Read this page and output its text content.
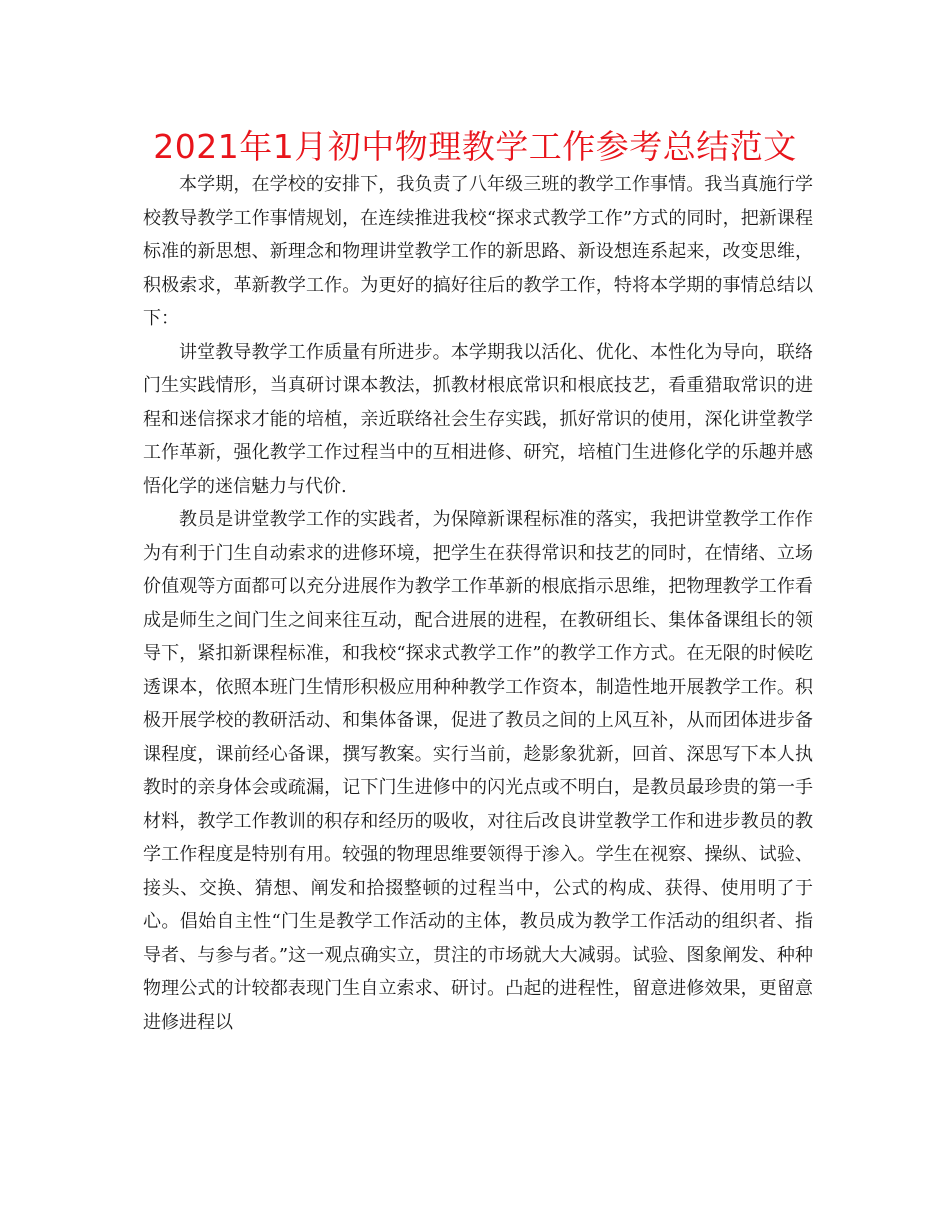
2021年1月初中物理教学工作参考总结范文

本学期，在学校的安排下，我负责了八年级三班的教学工作事情。我当真施行学校教导教学工作事情规划，在连续推进我校“探求式教学工作”方式的同时，把新课程标准的新思想、新理念和物理讲堂教学工作的新思路、新设想连系起来，改变思维，积极索求，革新教学工作。为更好的搞好往后的教学工作，特将本学期的事情总结以下：

讲堂教导教学工作质量有所进步。本学期我以活化、优化、本性化为导向，联络门生实践情形，当真研讨课本教法，抓教材根底常识和根底技艺，看重猎取常识的进程和迷信探求才能的培植，亲近联络社会生存实践，抓好常识的使用，深化讲堂教学工作革新，强化教学工作过程当中的互相进修、研究，培植门生进修化学的乐趣并感悟化学的迷信魅力与代价.

教员是讲堂教学工作的实践者，为保障新课程标准的落实，我把讲堂教学工作作为有利于门生自动索求的进修环境，把学生在获得常识和技艺的同时，在情绪、立场价值观等方面都可以充分进展作为教学工作革新的根底指示思维，把物理教学工作看成是师生之间门生之间来往互动，配合进展的进程，在教研组长、集体备课组长的领导下，紧扣新课程标准，和我校“探求式教学工作”的教学工作方式。在无限的时候吃透课本，依照本班门生情形积极应用种种教学工作资本，制造性地开展教学工作。积极开展学校的教研活动、和集体备课，促进了教员之间的上风互补，从而团体进步备课程度，课前经心备课，撰写教案。实行当前，趁影象犹新，回首、深思写下本人执教时的亲身体会或疏漏，记下门生进修中的闪光点或不明白，是教员最珍贵的第一手材料，教学工作教训的积存和经历的吸收，对往后改良讲堂教学工作和进步教员的教学工作程度是特别有用。较强的物理思维要领得于渗入。学生在视察、操纵、试验、接头、交换、猜想、阐发和拾掇整顿的过程当中，公式的构成、获得、使用明了于心。倡始自主性“门生是教学工作活动的主体，教员成为教学工作活动的组织者、指导者、与参与者。”这一观点确实立，贯注的市场就大大减弱。试验、图象阐发、种种物理公式的计较都表现门生自立索求、研讨。凸起的进程性，留意进修效果，更留意进修进程以
